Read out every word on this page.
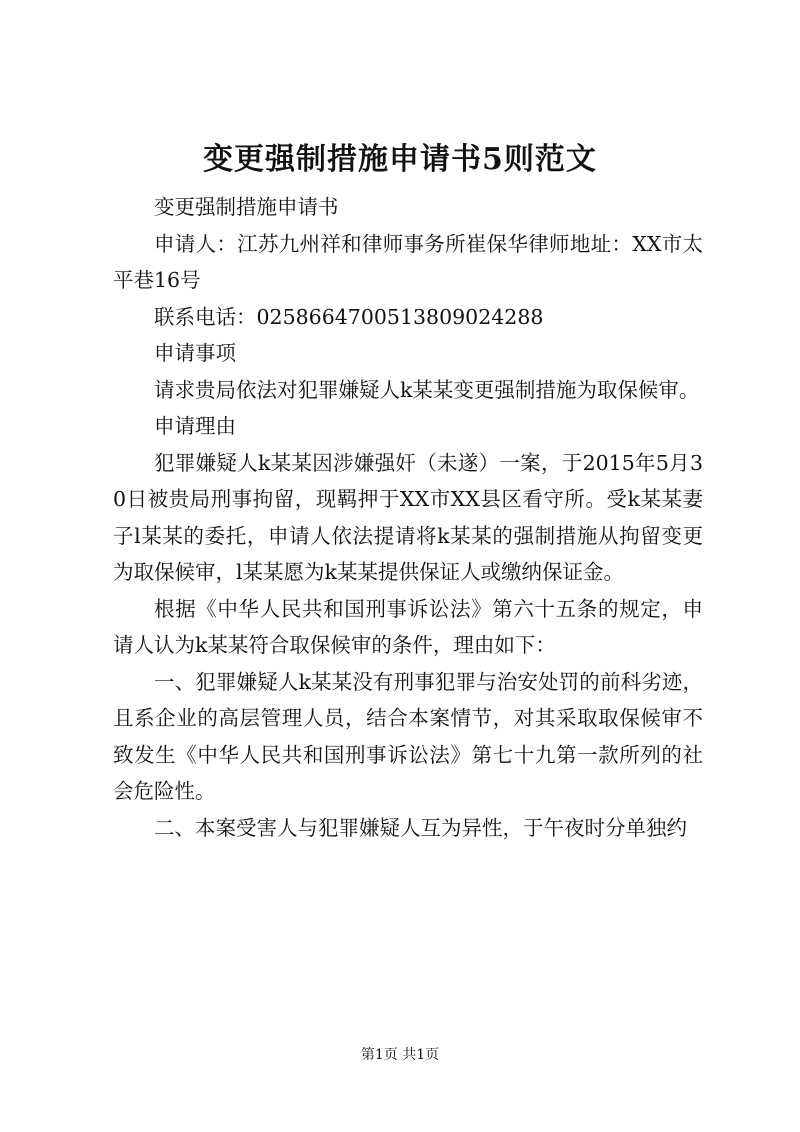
变更强制措施申请书5则范文

变更强制措施申请书

申请人：江苏九州祥和律师事务所崔保华律师地址：XX市太平巷16号

联系电话：02586647005138090242‌88

申请事项

请求贵局依法对犯罪嫌疑人k某某变更强制措施为取保候审。

申请理由

犯罪嫌疑人k某某因涉嫌强奸（未遂）一案，于2015年5月30日被贵局刑事拘留，现羁押于XX市XX县区看守所。受k某某妻子l某某的委托，申请人依法提请将k某某的强制措施从拘留变更为取保候审，l某某愿为k某某提供保证人或缴纳保证金。

根据《中华人民共和国刑事诉讼法》第六十五条的规定，申请人认为k某某符合取保候审的条件，理由如下：

一、犯罪嫌疑人k某某没有刑事犯罪与治安处罚的前科劣迹，且系企业的高层管理人员，结合本案情节，对其采取取保候审不致发生《中华人民共和国刑事诉讼法》第七十九第一款所列的社会危险性。

二、本案受害人与犯罪嫌疑人互为异性，于午夜时分单独约

第1页 共1页
